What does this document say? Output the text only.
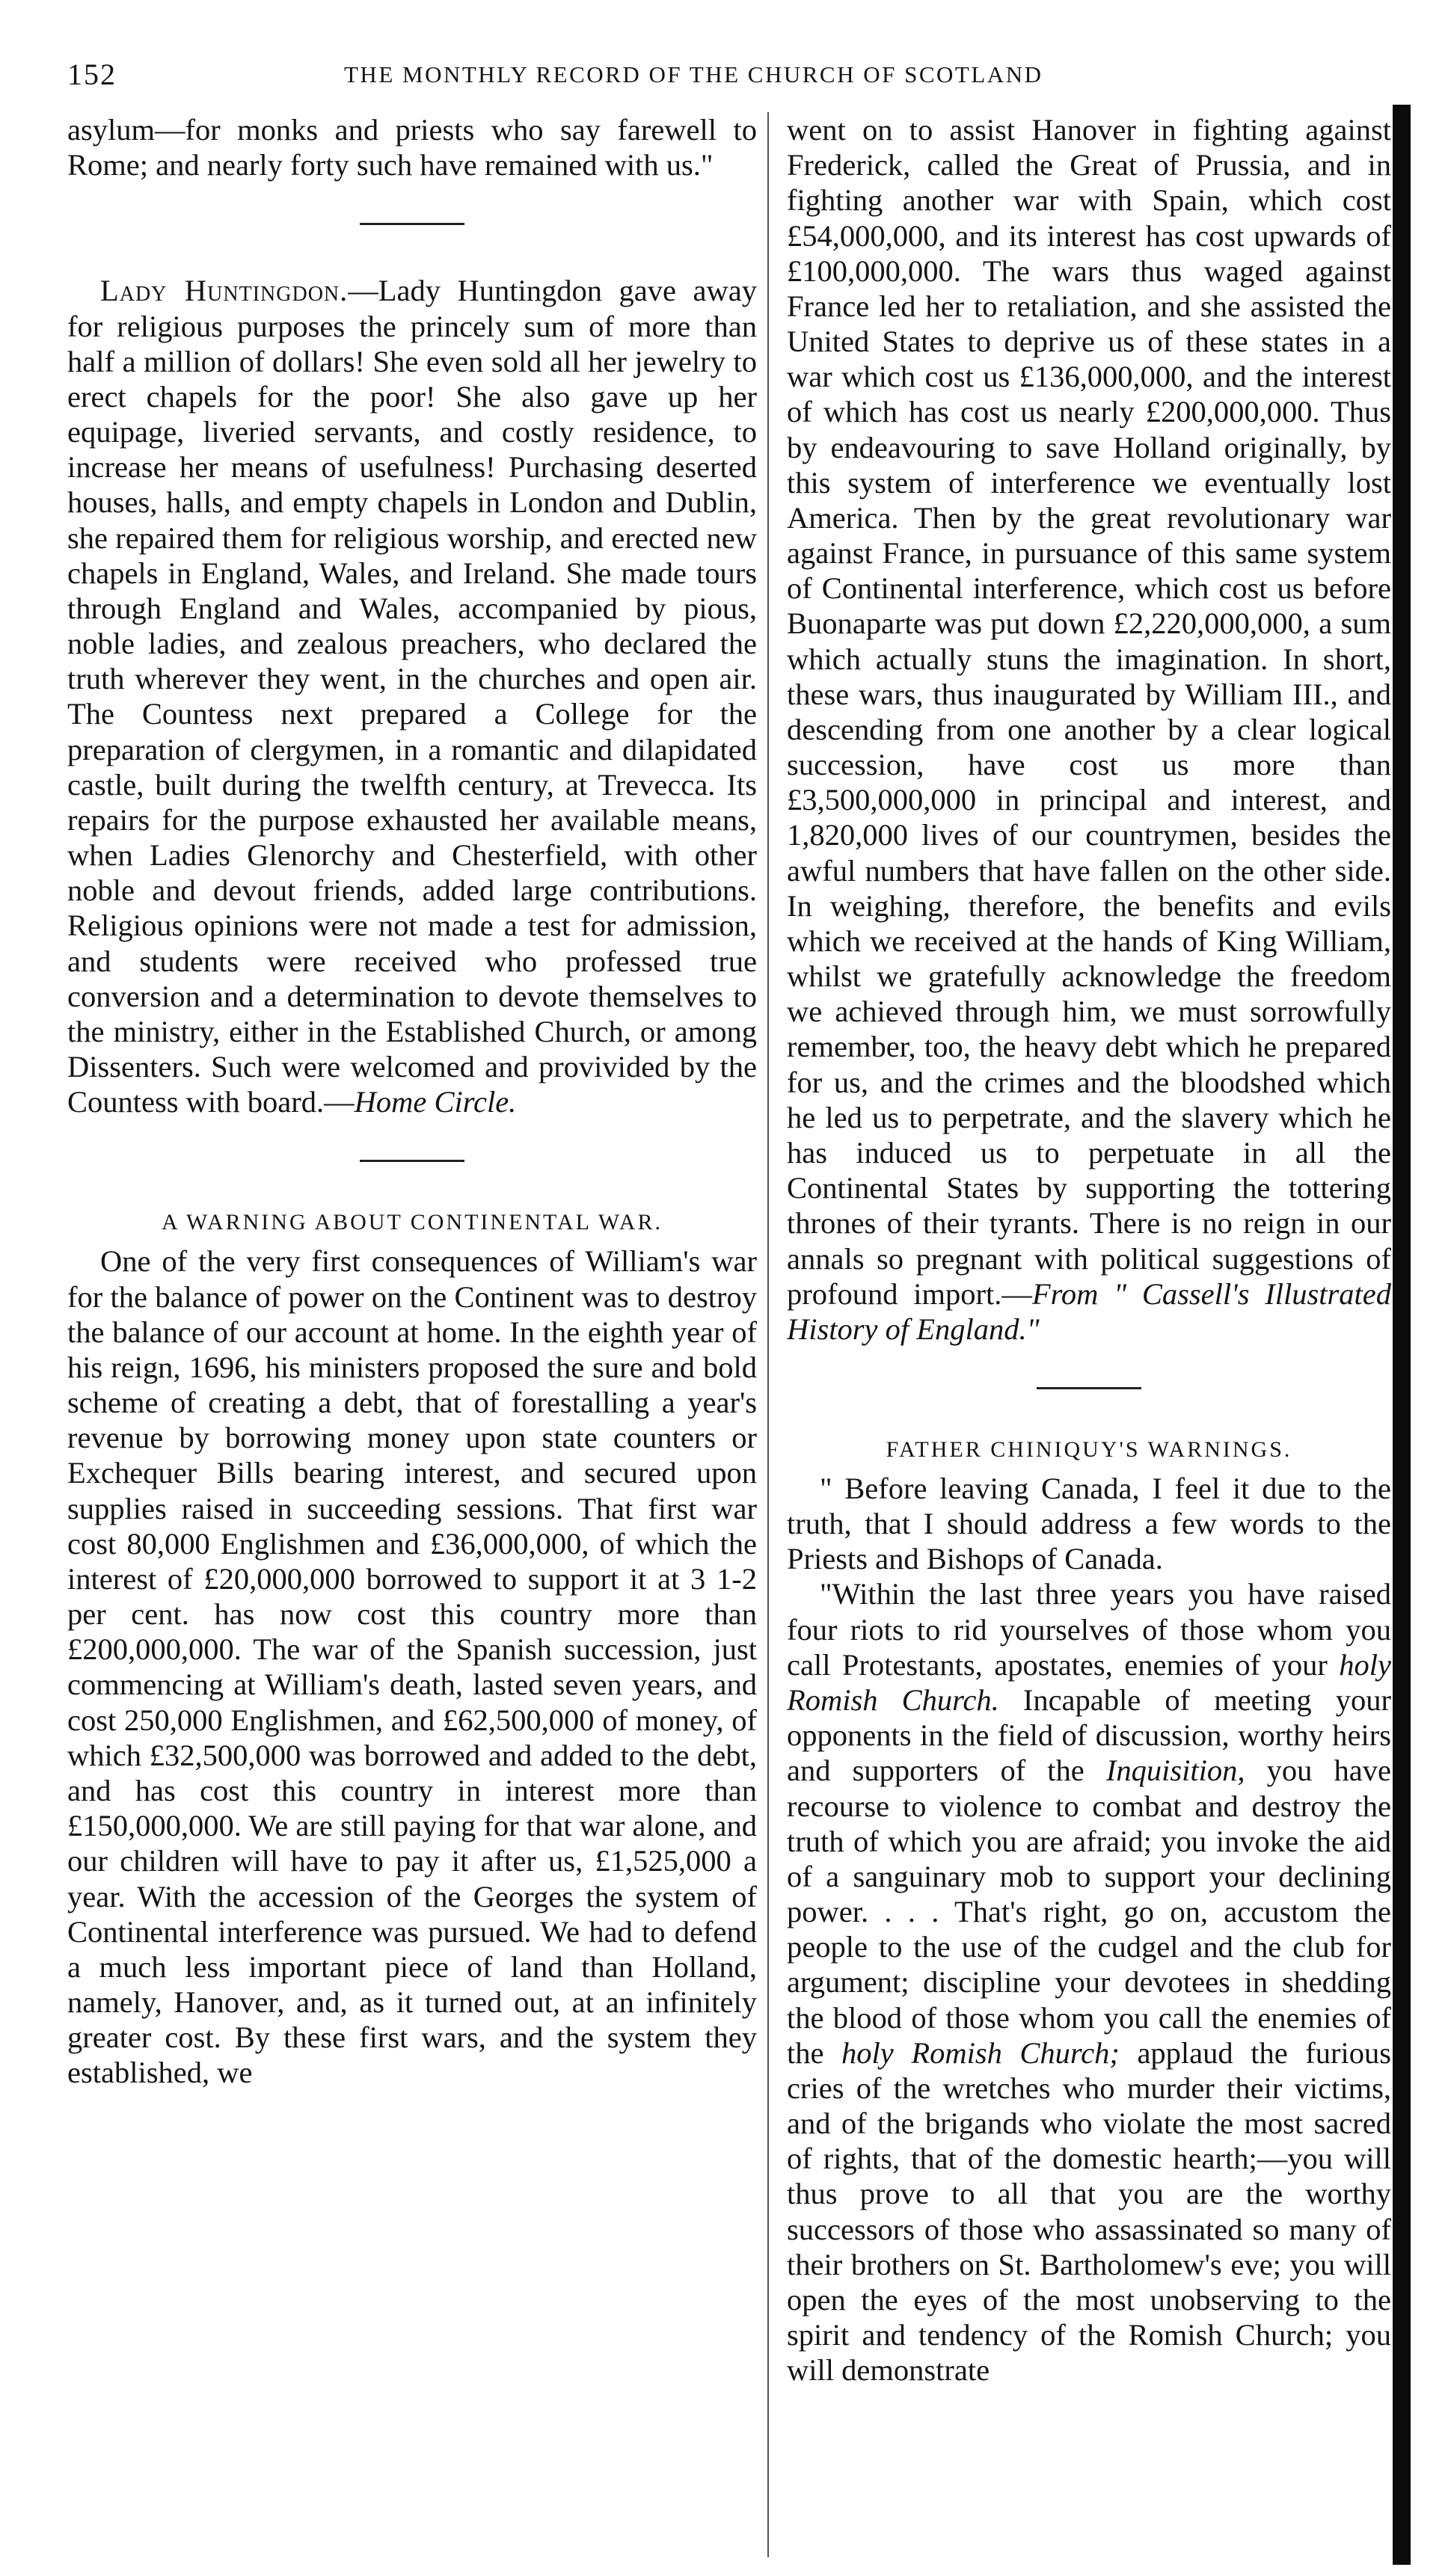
152	THE MONTHLY RECORD OF THE CHURCH OF SCOTLAND

asylum—for monks and priests who say farewell to Rome; and nearly forty such have remained with us."

Lady Huntingdon.—Lady Huntingdon gave away for religious purposes the princely sum of more than half a million of dollars! She even sold all her jewelry to erect chapels for the poor! She also gave up her equipage, liveried servants, and costly residence, to increase her means of usefulness! Purchasing deserted houses, halls, and empty chapels in London and Dublin, she repaired them for religious worship, and erected new chapels in England, Wales, and Ireland. She made tours through England and Wales, accompanied by pious, noble ladies, and zealous preachers, who declared the truth wherever they went, in the churches and open air. The Countess next prepared a College for the preparation of clergymen, in a romantic and dilapidated castle, built during the twelfth century, at Trevecca. Its repairs for the purpose exhausted her available means, when Ladies Glenorchy and Chesterfield, with other noble and devout friends, added large contributions. Religious opinions were not made a test for admission, and students were received who professed true conversion and a determination to devote themselves to the ministry, either in the Established Church, or among Dissenters. Such were welcomed and provivided by the Countess with board.—Home Circle.

A WARNING ABOUT CONTINENTAL WAR.

One of the very first consequences of William's war for the balance of power on the Continent was to destroy the balance of our account at home. In the eighth year of his reign, 1696, his ministers proposed the sure and bold scheme of creating a debt, that of forestalling a year's revenue by borrowing money upon state counters or Exchequer Bills bearing interest, and secured upon supplies raised in succeeding sessions. That first war cost 80,000 Englishmen and £36,000,000, of which the interest of £20,000,000 borrowed to support it at 3 1-2 per cent. has now cost this country more than £200,000,000. The war of the Spanish succession, just commencing at William's death, lasted seven years, and cost 250,000 Englishmen, and £62,500,000 of money, of which £32,500,000 was borrowed and added to the debt, and has cost this country in interest more than £150,000,000. We are still paying for that war alone, and our children will have to pay it after us, £1,525,000 a year. With the accession of the Georges the system of Continental interference was pursued. We had to defend a much less important piece of land than Holland, namely, Hanover, and, as it turned out, at an infinitely greater cost. By these first wars, and the system they established, we

went on to assist Hanover in fighting against Frederick, called the Great of Prussia, and in fighting another war with Spain, which cost £54,000,000, and its interest has cost upwards of £100,000,000. The wars thus waged against France led her to retaliation, and she assisted the United States to deprive us of these states in a war which cost us £136,000,000, and the interest of which has cost us nearly £200,000,000. Thus by endeavouring to save Holland originally, by this system of interference we eventually lost America. Then by the great revolutionary war against France, in pursuance of this same system of Continental interference, which cost us before Buonaparte was put down £2,220,000,000, a sum which actually stuns the imagination. In short, these wars, thus inaugurated by William III., and descending from one another by a clear logical succession, have cost us more than £3,500,000,000 in principal and interest, and 1,820,000 lives of our countrymen, besides the awful numbers that have fallen on the other side. In weighing, therefore, the benefits and evils which we received at the hands of King William, whilst we gratefully acknowledge the freedom we achieved through him, we must sorrowfully remember, too, the heavy debt which he prepared for us, and the crimes and the bloodshed which he led us to perpetrate, and the slavery which he has induced us to perpetuate in all the Continental States by supporting the tottering thrones of their tyrants. There is no reign in our annals so pregnant with political suggestions of profound import.—From " Cassell's Illustrated History of England."

FATHER CHINIQUY'S WARNINGS.

" Before leaving Canada, I feel it due to the truth, that I should address a few words to the Priests and Bishops of Canada.

"Within the last three years you have raised four riots to rid yourselves of those whom you call Protestants, apostates, enemies of your holy Romish Church. Incapable of meeting your opponents in the field of discussion, worthy heirs and supporters of the Inquisition, you have recourse to violence to combat and destroy the truth of which you are afraid; you invoke the aid of a sanguinary mob to support your declining power. . . . That's right, go on, accustom the people to the use of the cudgel and the club for argument; discipline your devotees in shedding the blood of those whom you call the enemies of the holy Romish Church; applaud the furious cries of the wretches who murder their victims, and of the brigands who violate the most sacred of rights, that of the domestic hearth;—you will thus prove to all that you are the worthy successors of those who assassinated so many of their brothers on St. Bartholomew's eve; you will open the eyes of the most unobserving to the spirit and tendency of the Romish Church; you will demonstrate
